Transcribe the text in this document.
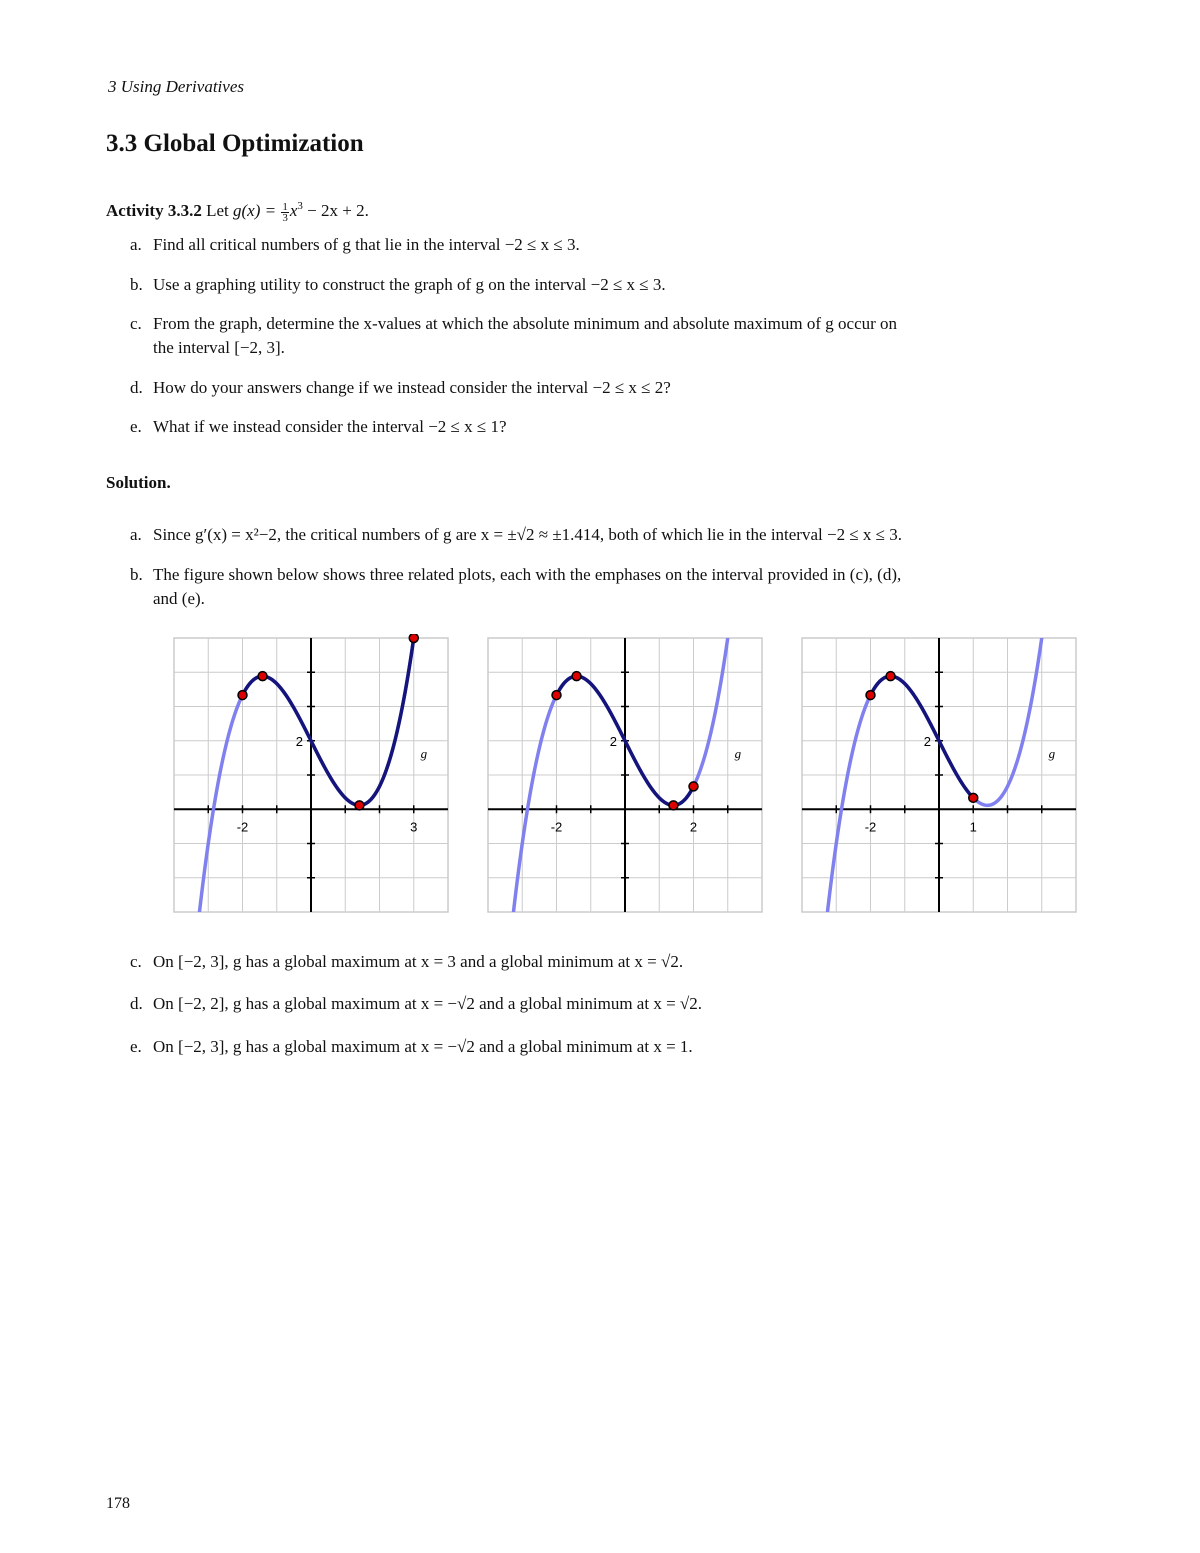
3 Using Derivatives
3.3 Global Optimization
Activity 3.3.2 Let $g(x) = \frac{1}{3} x^3 - 2x + 2$.
a. Find all critical numbers of g that lie in the interval −2 ≤ x ≤ 3.
b. Use a graphing utility to construct the graph of g on the interval −2 ≤ x ≤ 3.
c. From the graph, determine the x-values at which the absolute minimum and absolute maximum of g occur on
the interval [−2, 3].
d. How do your answers change if we instead consider the interval −2 ≤ x ≤ 2?
e. What if we instead consider the interval −2 ≤ x ≤ 1?
Solution.
a. Since g′(x) = x²−2, the critical numbers of g are x = ±√2 ≈ ±1.414, both of which lie in the interval −2 ≤ x ≤ 3.
b. The figure shown below shows three related plots, each with the emphases on the interval provided in (c), (d),
and (e).
-2	3
2
g
-2	2
2
g
-2	1
2
g
c. On [−2, 3], g has a global maximum at x = 3 and a global minimum at x = √2.
d. On [−2, 2], g has a global maximum at x = −√2 and a global minimum at x = √2.
e. On [−2, 3], g has a global maximum at x = −√2 and a global minimum at x = 1.
178
